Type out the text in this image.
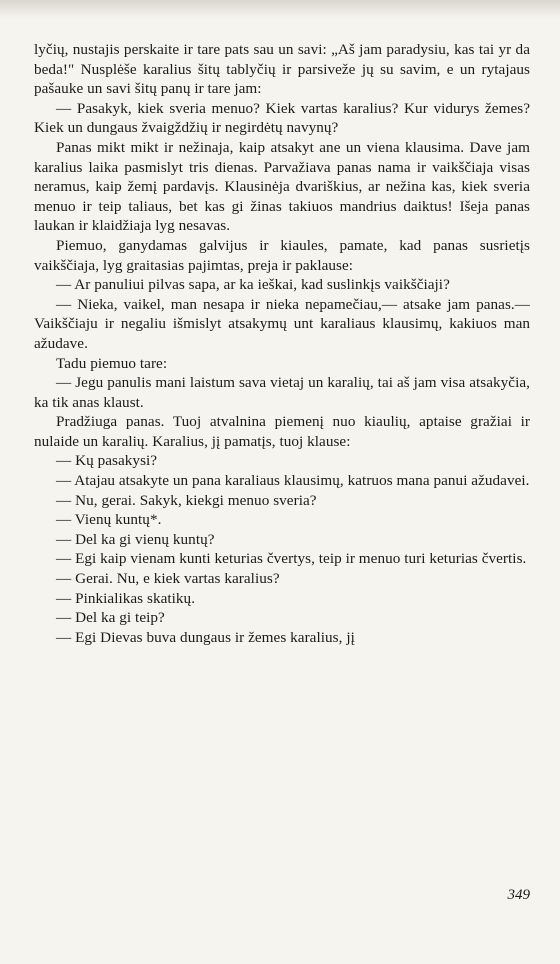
lyčių, nustajis perskaite ir tare pats sau un savi: „Aš jam paradysiu, kas tai yr da beda!" Nusplėše karalius šitų tablyčių ir parsiveže jų su savim, e un rytajaus pašauke un savi šitų panų ir tare jam:

— Pasakyk, kiek sveria menuo? Kiek vartas karalius? Kur vidurys žemes? Kiek un dungaus žvaigždžių ir negirdėtų navynų?

Panas mikt mikt ir nežinaja, kaip atsakyt ane un viena klausima. Dave jam karalius laika pasmislyt tris dienas. Parvažiava panas nama ir vaikščiaja visas neramus, kaip žemį pardavįs. Klausinėja dvariškius, ar nežina kas, kiek sveria menuo ir teip taliaus, bet kas gi žinas takiuos mandrius daiktus! Išeja panas laukan ir klaidžiaja lyg nesavas.

Piemuo, ganydamas galvijus ir kiaules, pamate, kad panas susrietįs vaikščiaja, lyg graitasias pajimtas, preja ir paklause:

— Ar panuliui pilvas sapa, ar ka ieškai, kad suslinkįs vaikščiaji?

— Nieka, vaikel, man nesapa ir nieka nepamečiau,— atsake jam panas.— Vaikščiaju ir negaliu išmislyt atsakymų unt karaliaus klausimų, kakiuos man ažudave.

Tadu piemuo tare:

— Jegu panulis mani laistum sava vietaj un karalių, tai aš jam visa atsakyčia, ka tik anas klaust.

Pradžiuga panas. Tuoj atvalnina piemenį nuo kiaulių, aptaise gražiai ir nulaide un karalių. Karalius, jį pamatįs, tuoj klause:

— Kų pasakysi?

— Atajau atsakyte un pana karaliaus klausimų, katruos mana panui ažudavei.

— Nu, gerai. Sakyk, kiekgi menuo sveria?

— Vienų kuntų*.

— Del ka gi vienų kuntų?

— Egi kaip vienam kunti keturias čvertys, teip ir menuo turi keturias čvertis.

— Gerai. Nu, e kiek vartas karalius?

— Pinkialikas skatikų.

— Del ka gi teip?

— Egi Dievas buva dungaus ir žemes karalius, jį

349
